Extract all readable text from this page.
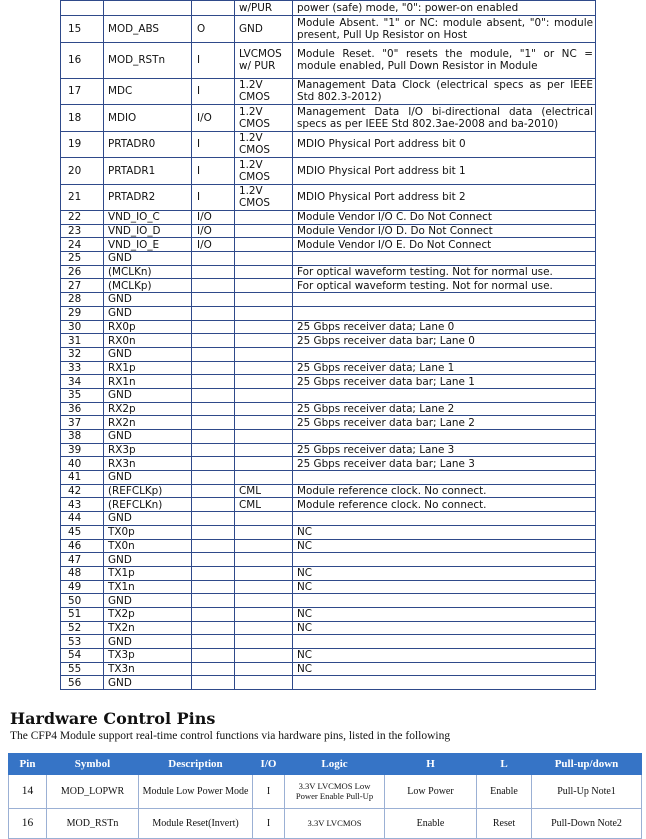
			w/PUR	power (safe) mode, "0": power-on enabled
15	MOD_ABS	O	GND	Module Absent. "1" or NC: module absent, "0": module present, Pull Up Resistor on Host
16	MOD_RSTn	I	LVCMOS w/ PUR	Module Reset. "0" resets the module, "1" or NC = module enabled, Pull Down Resistor in Module
17	MDC	I	1.2V CMOS	Management Data Clock (electrical specs as per IEEE Std 802.3-2012)
18	MDIO	I/O	1.2V CMOS	Management Data I/O bi-directional data (electrical specs as per IEEE Std 802.3ae-2008 and ba-2010)
19	PRTADR0	I	1.2V CMOS	MDIO Physical Port address bit 0
20	PRTADR1	I	1.2V CMOS	MDIO Physical Port address bit 1
21	PRTADR2	I	1.2V CMOS	MDIO Physical Port address bit 2
22	VND_IO_C	I/O		Module Vendor I/O C. Do Not Connect
23	VND_IO_D	I/O		Module Vendor I/O D. Do Not Connect
24	VND_IO_E	I/O		Module Vendor I/O E. Do Not Connect
25	GND			
26	(MCLKn)			For optical waveform testing. Not for normal use.
27	(MCLKp)			For optical waveform testing. Not for normal use.
28	GND			
29	GND			
30	RX0p			25 Gbps receiver data; Lane 0
31	RX0n			25 Gbps receiver data bar; Lane 0
32	GND			
33	RX1p			25 Gbps receiver data; Lane 1
34	RX1n			25 Gbps receiver data bar; Lane 1
35	GND			
36	RX2p			25 Gbps receiver data; Lane 2
37	RX2n			25 Gbps receiver data bar; Lane 2
38	GND			
39	RX3p			25 Gbps receiver data; Lane 3
40	RX3n			25 Gbps receiver data bar; Lane 3
41	GND			
42	(REFCLKp)		CML	Module reference clock. No connect.
43	(REFCLKn)		CML	Module reference clock. No connect.
44	GND			
45	TX0p			NC
46	TX0n			NC
47	GND			
48	TX1p			NC
49	TX1n			NC
50	GND			
51	TX2p			NC
52	TX2n			NC
53	GND			
54	TX3p			NC
55	TX3n			NC
56	GND			
Hardware Control Pins

The CFP4 Module support real-time control functions via hardware pins, listed in the following

Pin	Symbol	Description	I/O	Logic	H	L	Pull-up/down
14	MOD_LOPWR	Module Low Power Mode	I	3.3V LVCMOS Low Power Enable Pull-Up	Low Power	Enable	Pull-Up Note1
16	MOD_RSTn	Module Reset(Invert)	I	3.3V LVCMOS	Enable	Reset	Pull-Down Note2
